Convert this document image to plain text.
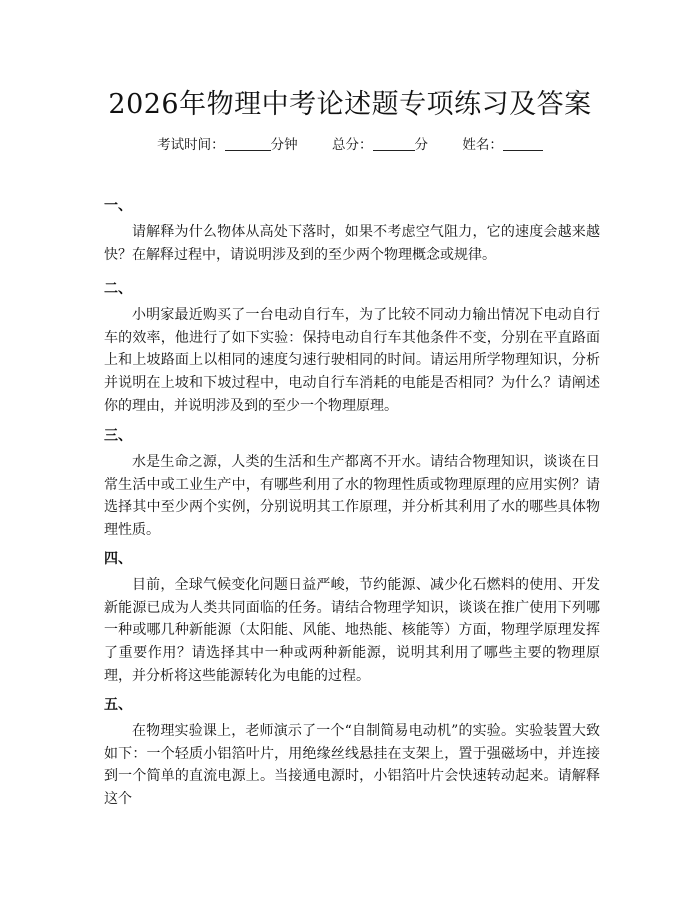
2026年物理中考论述题专项练习及答案
考试时间：	分钟	总分：	分	姓名：
一、
请解释为什么物体从高处下落时，如果不考虑空气阻力，它的速度会越来越快？在解释过程中，请说明涉及到的至少两个物理概念或规律。
二、
小明家最近购买了一台电动自行车，为了比较不同动力输出情况下电动自行车的效率，他进行了如下实验：保持电动自行车其他条件不变，分别在平直路面上和上坡路面上以相同的速度匀速行驶相同的时间。请运用所学物理知识，分析并说明在上坡和下坡过程中，电动自行车消耗的电能是否相同？为什么？请阐述你的理由，并说明涉及到的至少一个物理原理。
三、
水是生命之源，人类的生活和生产都离不开水。请结合物理知识，谈谈在日常生活中或工业生产中，有哪些利用了水的物理性质或物理原理的应用实例？请选择其中至少两个实例，分别说明其工作原理，并分析其利用了水的哪些具体物理性质。
四、
目前，全球气候变化问题日益严峻，节约能源、减少化石燃料的使用、开发新能源已成为人类共同面临的任务。请结合物理学知识，谈谈在推广使用下列哪一种或哪几种新能源（太阳能、风能、地热能、核能等）方面，物理学原理发挥了重要作用？请选择其中一种或两种新能源，说明其利用了哪些主要的物理原理，并分析将这些能源转化为电能的过程。
五、
在物理实验课上，老师演示了一个“自制简易电动机”的实验。实验装置大致如下：一个轻质小铝箔叶片，用绝缘丝线悬挂在支架上，置于强磁场中，并连接到一个简单的直流电源上。当接通电源时，小铝箔叶片会快速转动起来。请解释这个
